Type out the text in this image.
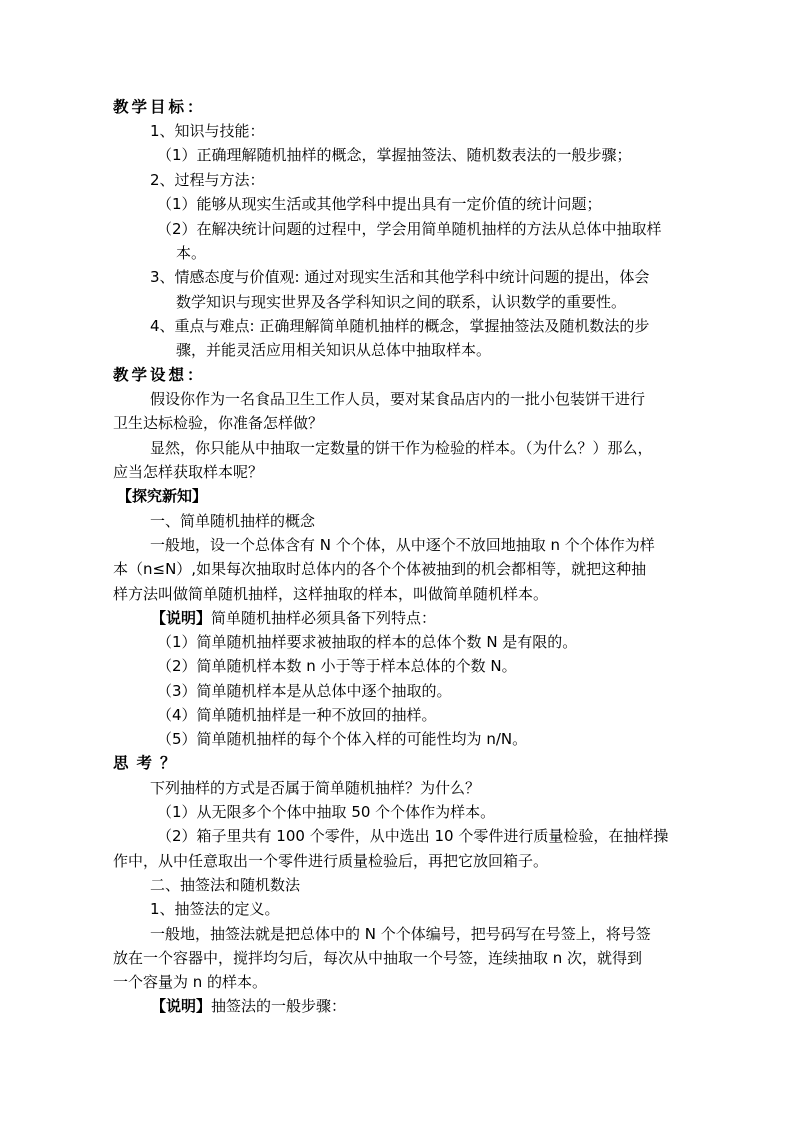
教学目标：
1、知识与技能：
（1）正确理解随机抽样的概念，掌握抽签法、随机数表法的一般步骤；
2、过程与方法：
（1）能够从现实生活或其他学科中提出具有一定价值的统计问题；
（2）在解决统计问题的过程中，学会用简单随机抽样的方法从总体中抽取样
本。
3、情感态度与价值观: 通过对现实生活和其他学科中统计问题的提出，体会
数学知识与现实世界及各学科知识之间的联系，认识数学的重要性。
4、重点与难点: 正确理解简单随机抽样的概念，掌握抽签法及随机数法的步
骤，并能灵活应用相关知识从总体中抽取样本。
教学设想：
假设你作为一名食品卫生工作人员，要对某食品店内的一批小包装饼干进行
卫生达标检验，你准备怎样做？
显然，你只能从中抽取一定数量的饼干作为检验的样本。（为什么？）那么，
应当怎样获取样本呢？
【探究新知】
一、简单随机抽样的概念
一般地，设一个总体含有 N 个个体，从中逐个不放回地抽取 n 个个体作为样
本（n≤N）,如果每次抽取时总体内的各个个体被抽到的机会都相等，就把这种抽
样方法叫做简单随机抽样，这样抽取的样本，叫做简单随机样本。
【说明】简单随机抽样必须具备下列特点：
（1）简单随机抽样要求被抽取的样本的总体个数 N 是有限的。
（2）简单随机样本数 n 小于等于样本总体的个数 N。
（3）简单随机样本是从总体中逐个抽取的。
（4）简单随机抽样是一种不放回的抽样。
（5）简单随机抽样的每个个体入样的可能性均为 n/N。
思考？
下列抽样的方式是否属于简单随机抽样？为什么？
（1）从无限多个个体中抽取 50 个个体作为样本。
（2）箱子里共有 100 个零件，从中选出 10 个零件进行质量检验，在抽样操
作中，从中任意取出一个零件进行质量检验后，再把它放回箱子。
二、抽签法和随机数法
1、抽签法的定义。
一般地，抽签法就是把总体中的 N 个个体编号，把号码写在号签上，将号签
放在一个容器中，搅拌均匀后，每次从中抽取一个号签，连续抽取 n 次，就得到
一个容量为 n 的样本。
【说明】抽签法的一般步骤：
